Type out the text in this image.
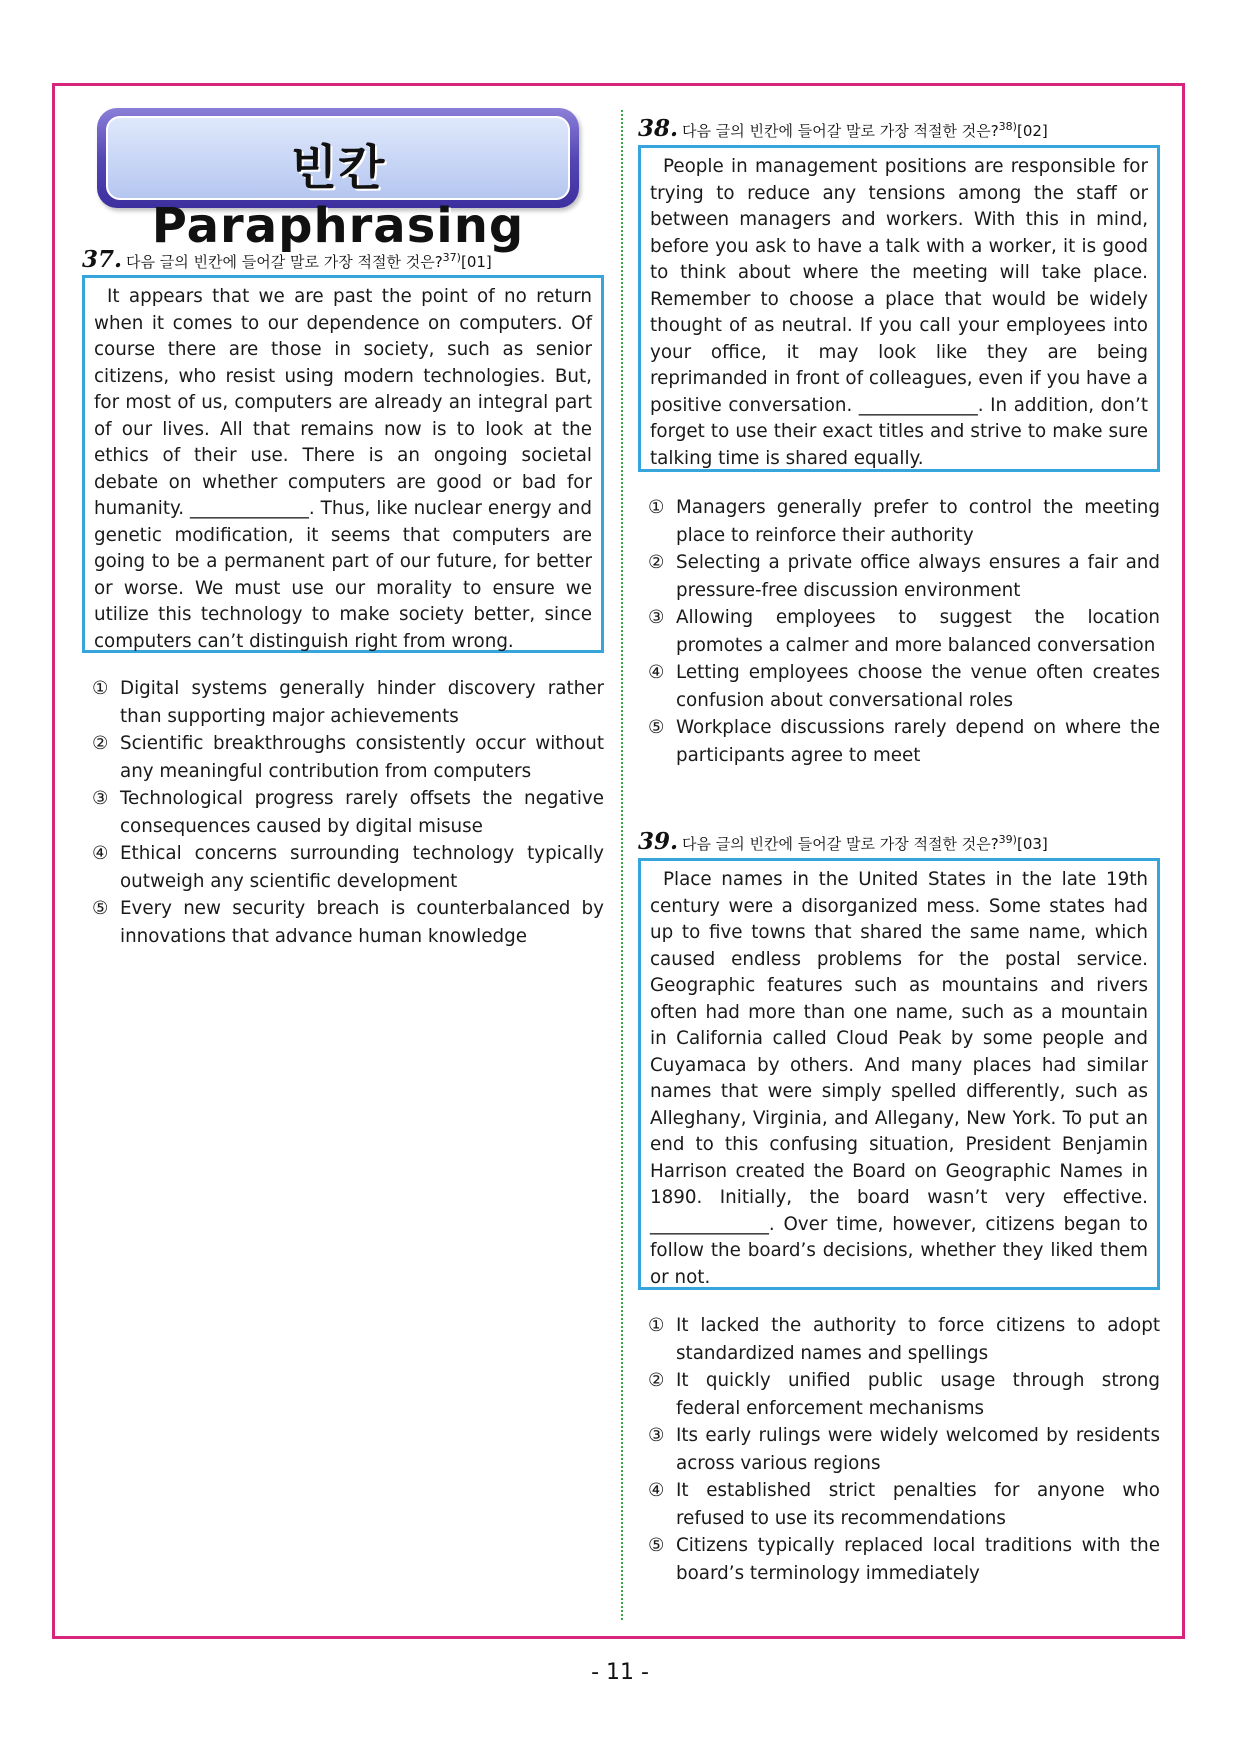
빈칸 Paraphrasing
37. 다음 글의 빈칸에 들어갈 말로 가장 적절한 것은?$^{37)}$[01]
It appears that we are past the point of no return when it comes to our dependence on computers. Of course there are those in society, such as senior citizens, who resist using modern technologies. But, for most of us, computers are already an integral part of our lives. All that remains now is to look at the ethics of their use. There is an ongoing societal debate on whether computers are good or bad for humanity. _____________. Thus, like nuclear energy and genetic modification, it seems that computers are going to be a permanent part of our future, for better or worse. We must use our morality to ensure we utilize this technology to make society better, since computers can’t distinguish right from wrong.
① Digital systems generally hinder discovery rather than supporting major achievements
② Scientific breakthroughs consistently occur without any meaningful contribution from computers
③ Technological progress rarely offsets the negative consequences caused by digital misuse
④ Ethical concerns surrounding technology typically outweigh any scientific development
⑤ Every new security breach is counterbalanced by innovations that advance human knowledge
38. 다음 글의 빈칸에 들어갈 말로 가장 적절한 것은?$^{38)}$[02]
People in management positions are responsible for trying to reduce any tensions among the staff or between managers and workers. With this in mind, before you ask to have a talk with a worker, it is good to think about where the meeting will take place. Remember to choose a place that would be widely thought of as neutral. If you call your employees into your office, it may look like they are being reprimanded in front of colleagues, even if you have a positive conversation. _____________. In addition, don’t forget to use their exact titles and strive to make sure talking time is shared equally.
① Managers generally prefer to control the meeting place to reinforce their authority
② Selecting a private office always ensures a fair and pressure-free discussion environment
③ Allowing employees to suggest the location promotes a calmer and more balanced conversation
④ Letting employees choose the venue often creates confusion about conversational roles
⑤ Workplace discussions rarely depend on where the participants agree to meet
39. 다음 글의 빈칸에 들어갈 말로 가장 적절한 것은?$^{39)}$[03]
Place names in the United States in the late 19th century were a disorganized mess. Some states had up to five towns that shared the same name, which caused endless problems for the postal service. Geographic features such as mountains and rivers often had more than one name, such as a mountain in California called Cloud Peak by some people and Cuyamaca by others. And many places had similar names that were simply spelled differently, such as Alleghany, Virginia, and Allegany, New York. To put an end to this confusing situation, President Benjamin Harrison created the Board on Geographic Names in 1890. Initially, the board wasn’t very effective. _____________. Over time, however, citizens began to follow the board’s decisions, whether they liked them or not.
① It lacked the authority to force citizens to adopt standardized names and spellings
② It quickly unified public usage through strong federal enforcement mechanisms
③ Its early rulings were widely welcomed by residents across various regions
④ It established strict penalties for anyone who refused to use its recommendations
⑤ Citizens typically replaced local traditions with the board’s terminology immediately
- 11 -
